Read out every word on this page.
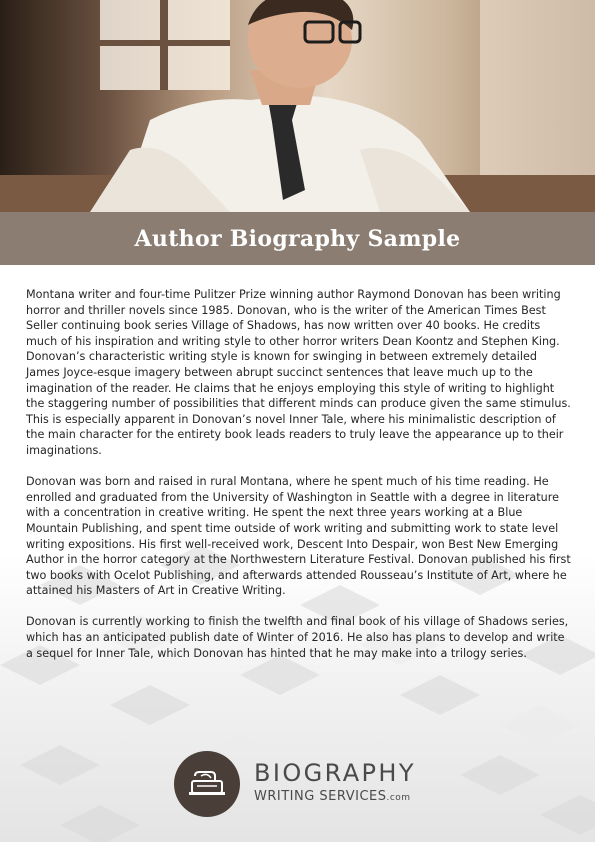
Author Biography Sample

Montana writer and four-time Pulitzer Prize winning author Raymond Donovan has been writing horror and thriller novels since 1985. Donovan, who is the writer of the American Times Best Seller continuing book series Village of Shadows, has now written over 40 books. He credits much of his inspiration and writing style to other horror writers Dean Koontz and Stephen King. Donovan’s characteristic writing style is known for swinging in between extremely detailed James Joyce-esque imagery between abrupt succinct sentences that leave much up to the imagination of the reader. He claims that he enjoys employing this style of writing to highlight the staggering number of possibilities that different minds can produce given the same stimulus. This is especially apparent in Donovan’s novel Inner Tale, where his minimalistic description of the main character for the entirety book leads readers to truly leave the appearance up to their imaginations.

Donovan was born and raised in rural Montana, where he spent much of his time reading. He enrolled and graduated from the University of Washington in Seattle with a degree in literature with a concentration in creative writing. He spent the next three years working at a Blue Mountain Publishing, and spent time outside of work writing and submitting work to state level writing expositions. His first well-received work, Descent Into Despair, won Best New Emerging Author in the horror category at the Northwestern Literature Festival. Donovan published his first two books with Ocelot Publishing, and afterwards attended Rousseau’s Institute of Art, where he attained his Masters of Art in Creative Writing.

Donovan is currently working to finish the twelfth and final book of his village of Shadows series, which has an anticipated publish date of Winter of 2016. He also has plans to develop and write a sequel for Inner Tale, which Donovan has hinted that he may make into a trilogy series.

BIOGRAPHY
WRITING SERVICES.com
